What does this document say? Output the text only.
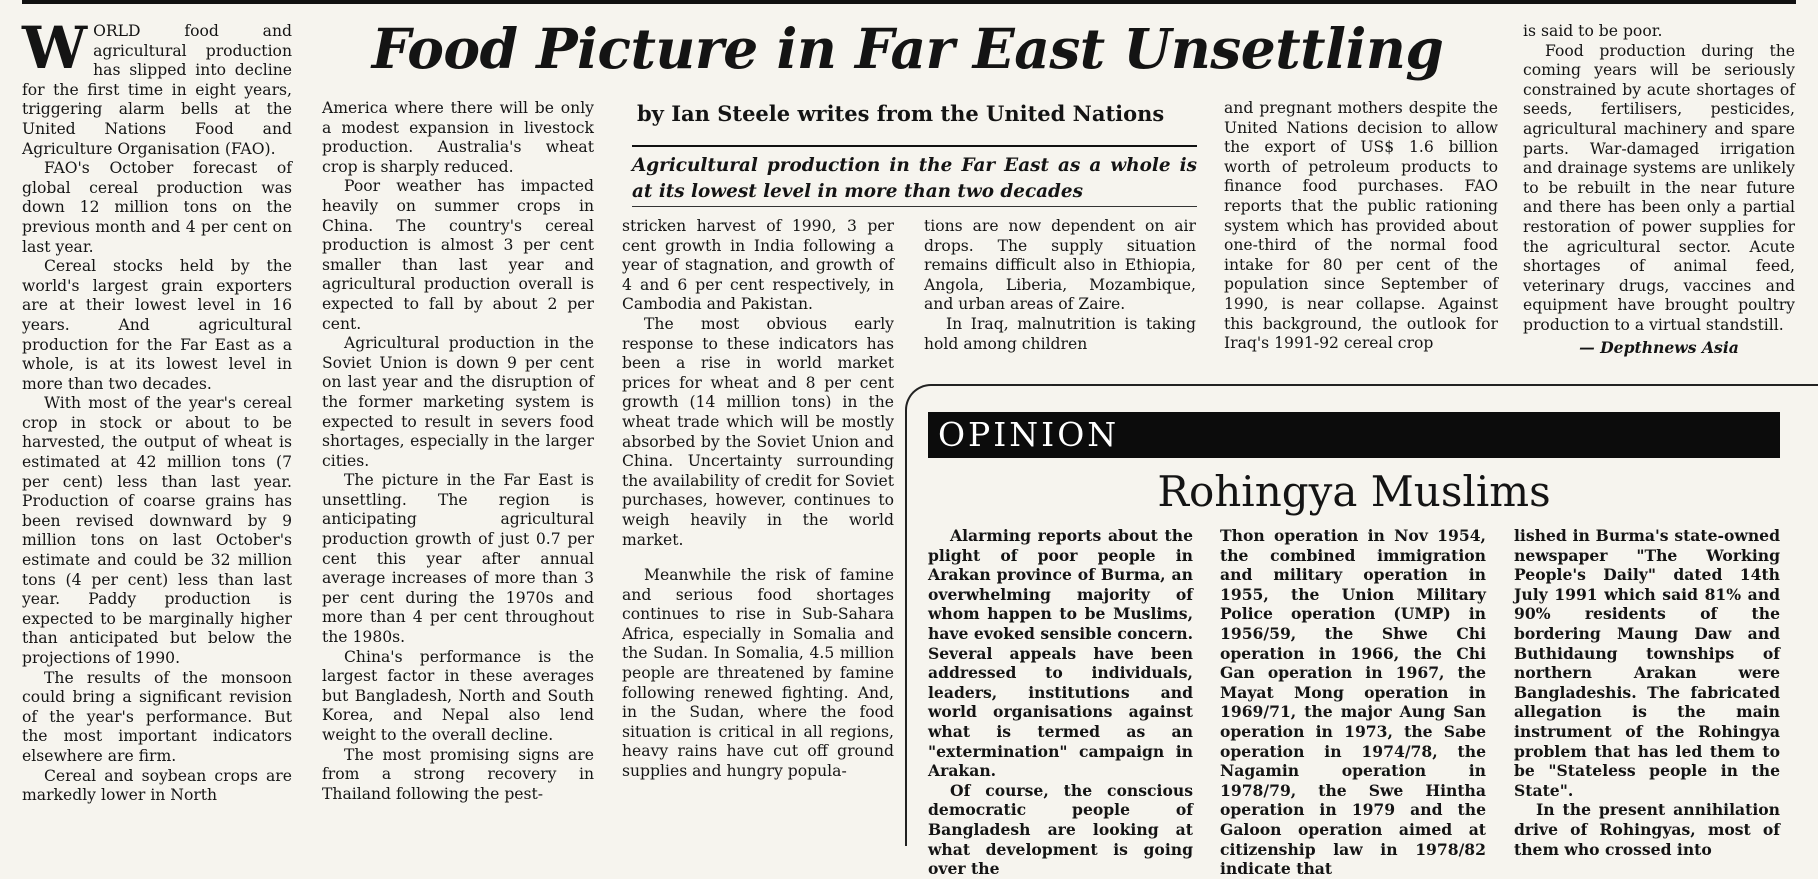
WORLD food and agricultural production has slipped into decline for the first time in eight years, triggering alarm bells at the United Nations Food and Agriculture Organisation (FAO).

FAO's October forecast of global cereal production was down 12 million tons on the previous month and 4 per cent on last year.

Cereal stocks held by the world's largest grain exporters are at their lowest level in 16 years. And agricultural production for the Far East as a whole, is at its lowest level in more than two decades.

With most of the year's cereal crop in stock or about to be harvested, the output of wheat is estimated at 42 million tons (7 per cent) less than last year. Production of coarse grains has been revised downward by 9 million tons on last October's estimate and could be 32 million tons (4 per cent) less than last year. Paddy production is expected to be marginally higher than anticipated but below the projections of 1990.

The results of the monsoon could bring a significant revision of the year's performance. But the most important indicators elsewhere are firm.

Cereal and soybean crops are markedly lower in North

Food Picture in Far East Unsettling

America where there will be only a modest expansion in livestock production. Australia's wheat crop is sharply reduced.

Poor weather has impacted heavily on summer crops in China. The country's cereal production is almost 3 per cent smaller than last year and agricultural production overall is expected to fall by about 2 per cent.

Agricultural production in the Soviet Union is down 9 per cent on last year and the disruption of the former marketing system is expected to result in severs food shortages, especially in the larger cities.

The picture in the Far East is unsettling. The region is anticipating agricultural production growth of just 0.7 per cent this year after annual average increases of more than 3 per cent during the 1970s and more than 4 per cent throughout the 1980s.

China's performance is the largest factor in these averages but Bangladesh, North and South Korea, and Nepal also lend weight to the overall decline.

The most promising signs are from a strong recovery in Thailand following the pest-

by Ian Steele writes from the United Nations
Agricultural production in the Far East as a whole is at its lowest level in more than two decades

stricken harvest of 1990, 3 per cent growth in India following a year of stagnation, and growth of 4 and 6 per cent respectively, in Cambodia and Pakistan.

The most obvious early response to these indicators has been a rise in world market prices for wheat and 8 per cent growth (14 million tons) in the wheat trade which will be mostly absorbed by the Soviet Union and China. Uncertainty surrounding the availability of credit for Soviet purchases, however, continues to weigh heavily in the world market.

Meanwhile the risk of famine and serious food shortages continues to rise in Sub-Sahara Africa, especially in Somalia and the Sudan. In Somalia, 4.5 million people are threatened by famine following renewed fighting. And, in the Sudan, where the food situation is critical in all regions, heavy rains have cut off ground supplies and hungry popula-

tions are now dependent on air drops. The supply situation remains difficult also in Ethiopia, Angola, Liberia, Mozambique, and urban areas of Zaire.

In Iraq, malnutrition is taking hold among children

and pregnant mothers despite the United Nations decision to allow the export of US$ 1.6 billion worth of petroleum products to finance food purchases. FAO reports that the public rationing system which has provided about one-third of the normal food intake for 80 per cent of the population since September of 1990, is near collapse. Against this background, the outlook for Iraq's 1991-92 cereal crop

is said to be poor.

Food production during the coming years will be seriously constrained by acute shortages of seeds, fertilisers, pesticides, agricultural machinery and spare parts. War-damaged irrigation and drainage systems are unlikely to be rebuilt in the near future and there has been only a partial restoration of power supplies for the agricultural sector. Acute shortages of animal feed, veterinary drugs, vaccines and equipment have brought poultry production to a virtual standstill.

— Depthnews Asia

OPINION
Rohingya Muslims

Alarming reports about the plight of poor people in Arakan province of Burma, an overwhelming majority of whom happen to be Muslims, have evoked sensible concern. Several appeals have been addressed to individuals, leaders, institutions and world organisations against what is termed as an "extermination" campaign in Arakan.

Of course, the conscious democratic people of Bangladesh are looking at what development is going over the

Thon operation in Nov 1954, the combined immigration and military operation in 1955, the Union Military Police operation (UMP) in 1956/59, the Shwe Chi operation in 1966, the Chi Gan operation in 1967, the Mayat Mong operation in 1969/71, the major Aung San operation in 1973, the Sabe operation in 1974/78, the Nagamin operation in 1978/79, the Swe Hintha operation in 1979 and the Galoon operation aimed at citizenship law in 1978/82 indicate that

lished in Burma's state-owned newspaper "The Working People's Daily" dated 14th July 1991 which said 81% and 90% residents of the bordering Maung Daw and Buthidaung townships of northern Arakan were Bangladeshis. The fabricated allegation is the main instrument of the Rohingya problem that has led them to be "Stateless people in the State".

In the present annihilation drive of Rohingyas, most of them who crossed into
